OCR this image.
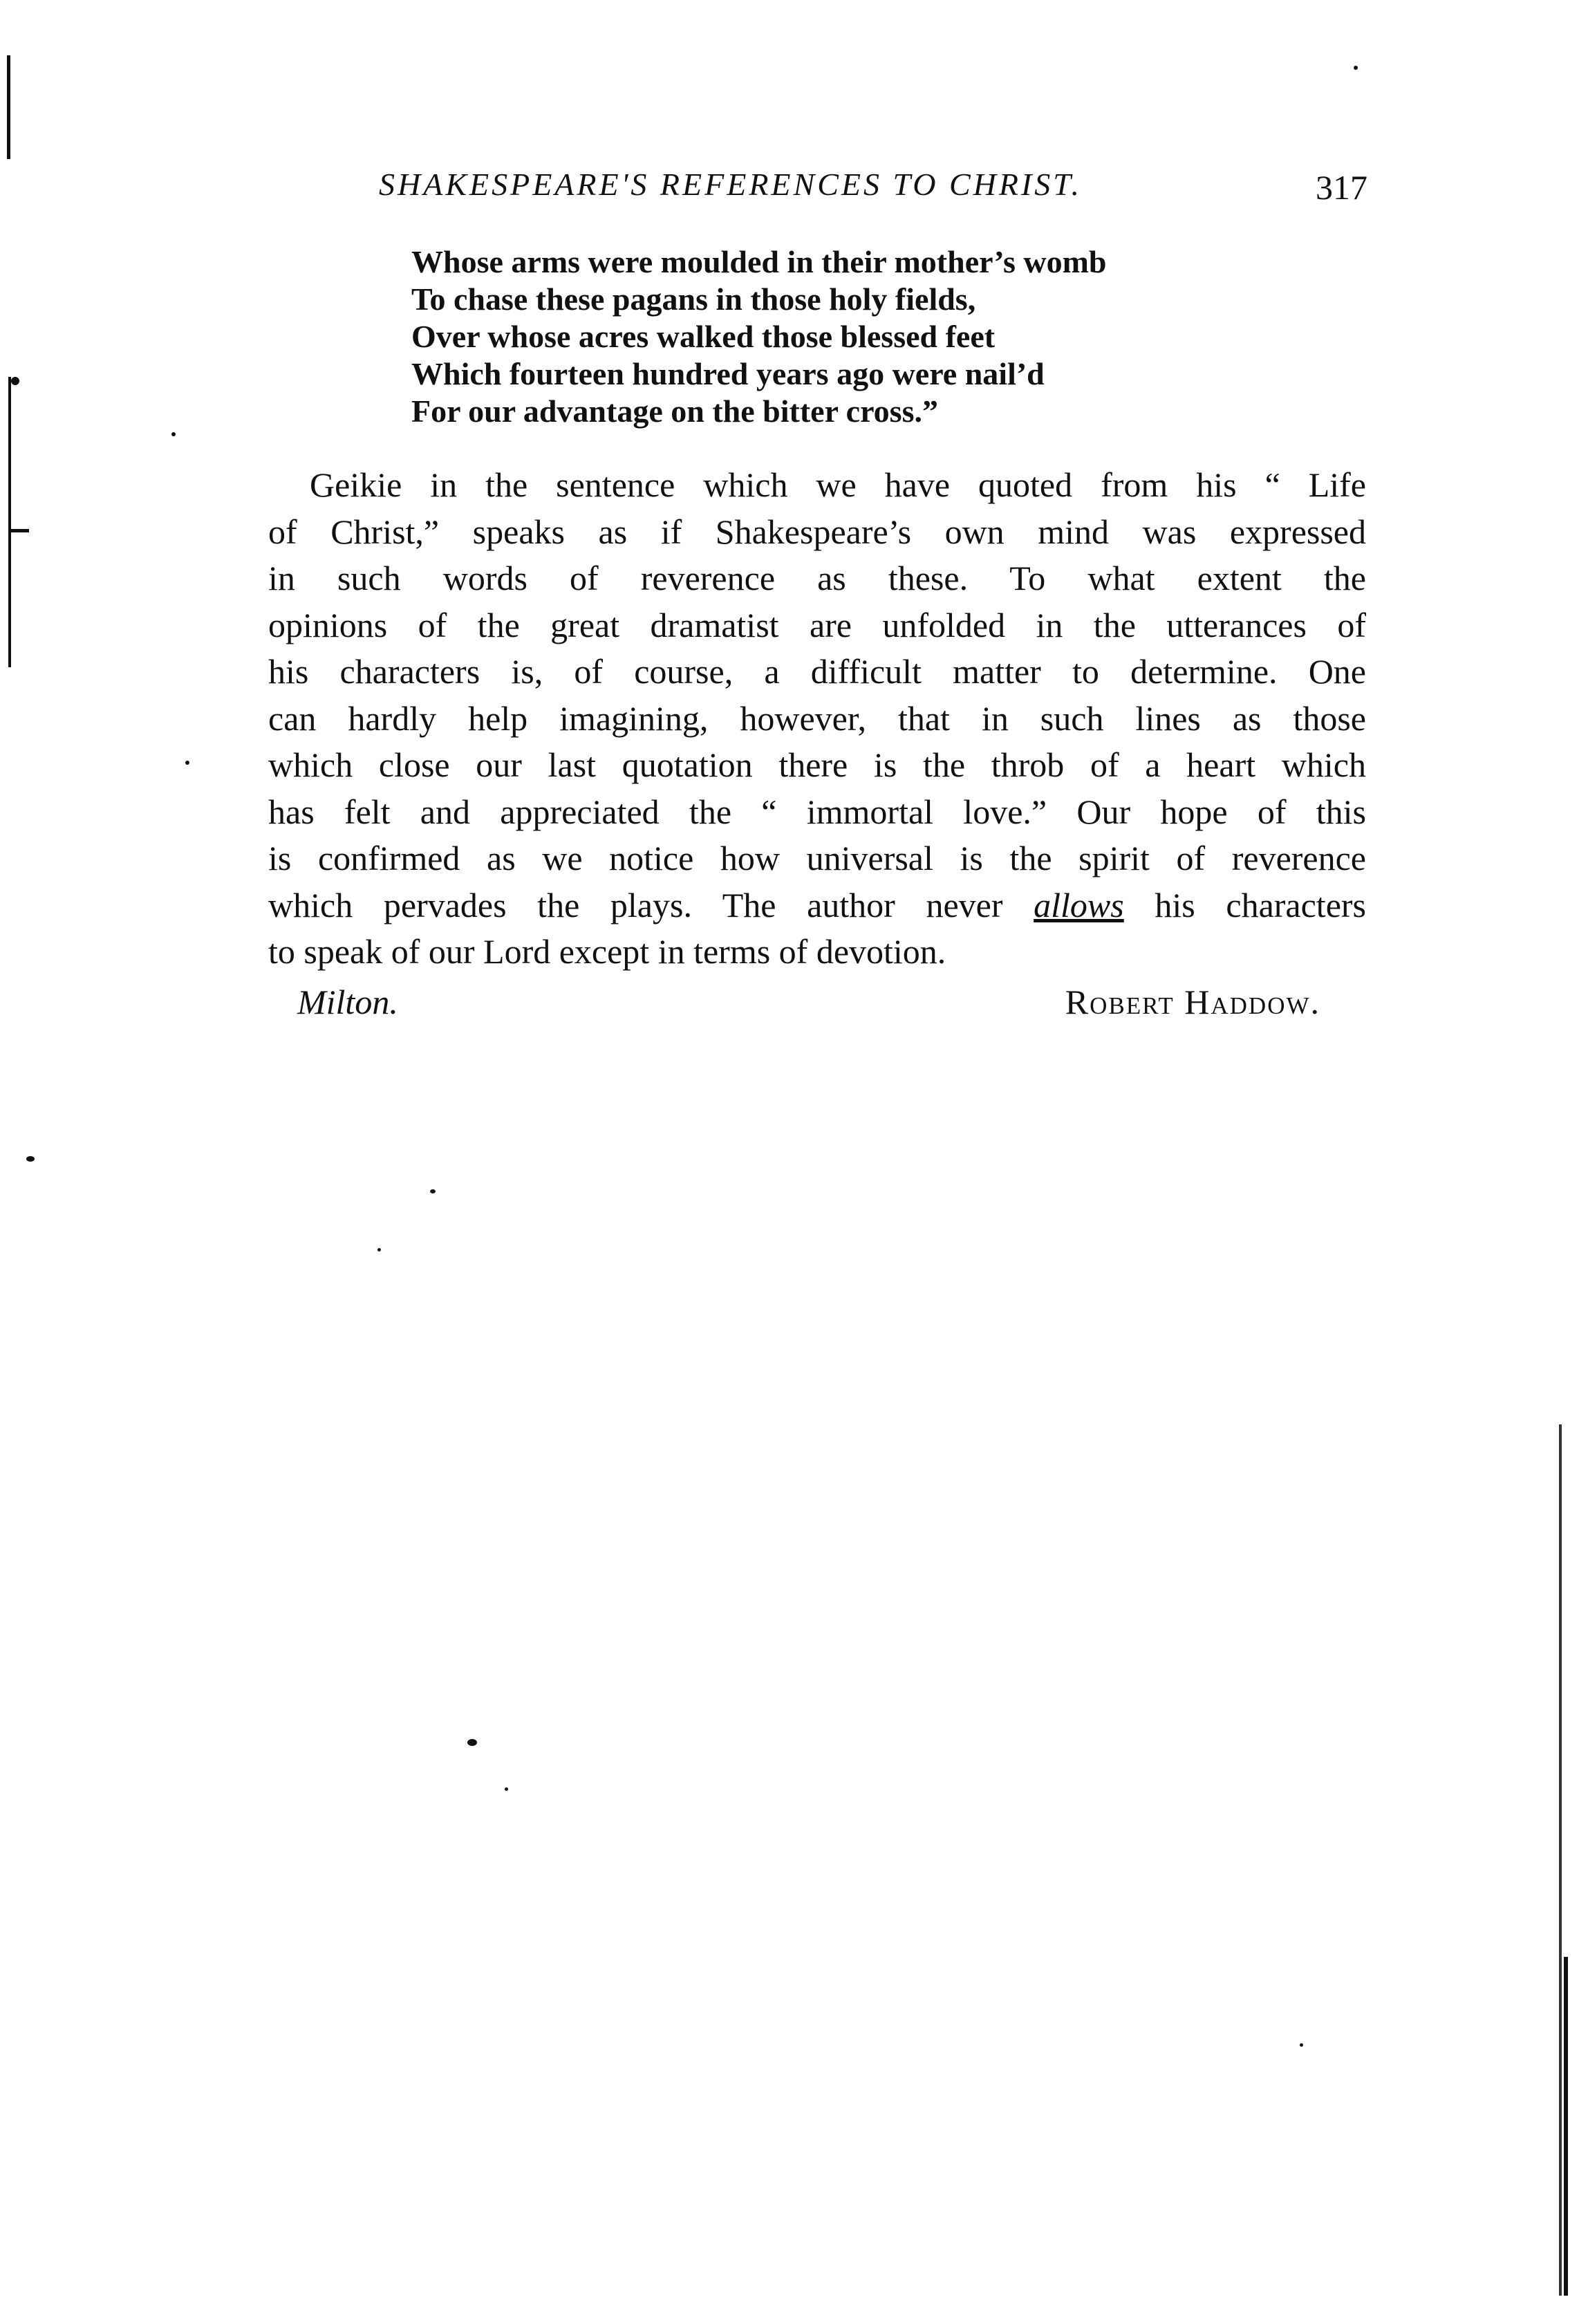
SHAKESPEARE'S REFERENCES TO CHRIST.	317
Whose arms were moulded in their mother’s womb
To chase these pagans in those holy fields,
Over whose acres walked those blessed feet
Which fourteen hundred years ago were nail’d
For our advantage on the bitter cross.”
Geikie in the sentence which we have quoted from his “ Life
of Christ,” speaks as if Shakespeare’s own mind was expressed
in such words of reverence as these. To what extent the
opinions of the great dramatist are unfolded in the utterances of
his characters is, of course, a difficult matter to determine. One
can hardly help imagining, however, that in such lines as those
which close our last quotation there is the throb of a heart which
has felt and appreciated the “ immortal love.” Our hope of this
is confirmed as we notice how universal is the spirit of reverence
which pervades the plays. The author never allows his characters
to speak of our Lord except in terms of devotion.
Milton.	Robert Haddow.
